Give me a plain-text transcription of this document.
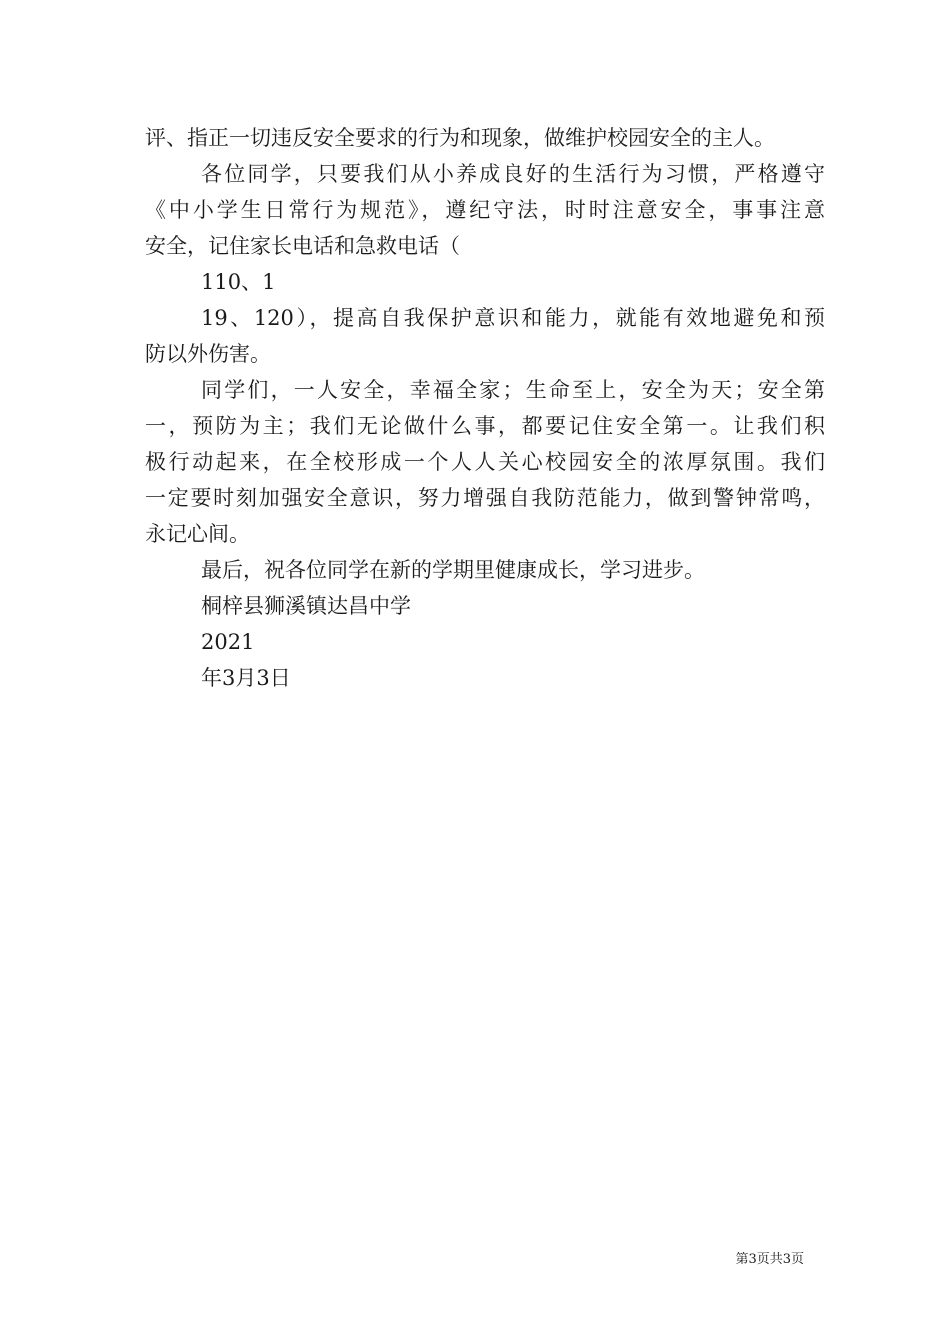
评、指正一切违反安全要求的行为和现象，做维护校园安全的主人。

各位同学，只要我们从小养成良好的生活行为习惯，严格遵守

《中小学生日常行为规范》，遵纪守法，时时注意安全，事事注意

安全，记住家长电话和急救电话（

110、1

19、120），提高自我保护意识和能力，就能有效地避免和预

防以外伤害。

同学们，一人安全，幸福全家；生命至上，安全为天；安全第

一，预防为主；我们无论做什么事，都要记住安全第一。让我们积

极行动起来，在全校形成一个人人关心校园安全的浓厚氛围。我们

一定要时刻加强安全意识，努力增强自我防范能力，做到警钟常鸣，

永记心间。

最后，祝各位同学在新的学期里健康成长，学习进步。

桐梓县狮溪镇达昌中学

2021

年3月3日

第3页共3页
